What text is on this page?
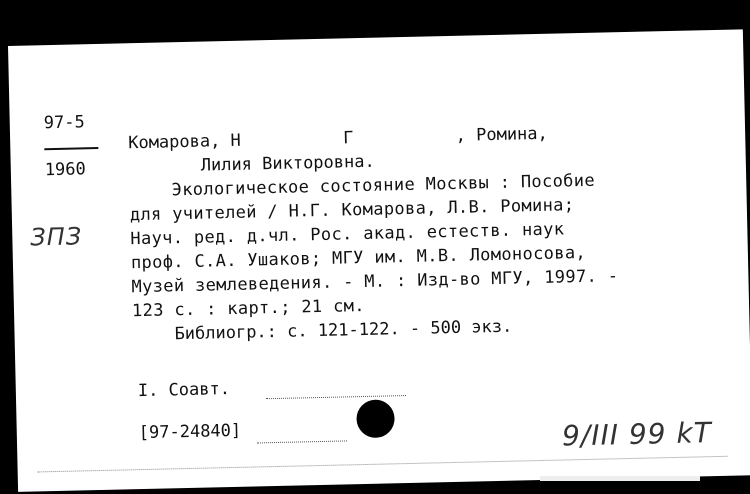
97-5
1960
ЗПЗ
Комарова, Н          Г          , Ромина,
Лилия Викторовна.
Экологическое состояние Москвы : Пособие
для учителей / Н.Г. Комарова, Л.В. Ромина;
Науч. ред. д.чл. Рос. акад. естеств. наук
проф. С.А. Ушаков; МГУ им. М.В. Ломоносова,
Музей землеведения. - М. : Изд-во МГУ, 1997. -
123 с. : карт.; 21 см.
Библиогр.: с. 121-122. - 500 экз.
I. Соавт.
[97-24840]	9/III 99 kT
